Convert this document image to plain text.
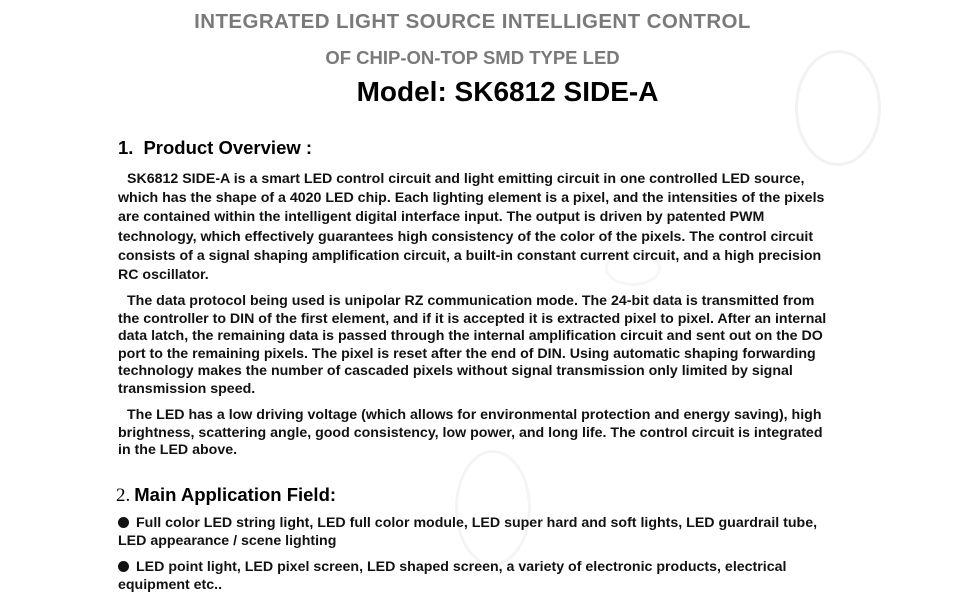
INTEGRATED LIGHT SOURCE INTELLIGENT CONTROL
OF CHIP-ON-TOP SMD TYPE LED
Model: SK6812 SIDE-A
1. Product Overview :

SK6812 SIDE-A is a smart LED control circuit and light emitting circuit in one controlled LED source, which has the shape of a 4020 LED chip. Each lighting element is a pixel, and the intensities of the pixels are contained within the intelligent digital interface input. The output is driven by patented PWM technology, which effectively guarantees high consistency of the color of the pixels. The control circuit consists of a signal shaping amplification circuit, a built-in constant current circuit, and a high precision RC oscillator.

The data protocol being used is unipolar RZ communication mode. The 24-bit data is transmitted from the controller to DIN of the first element, and if it is accepted it is extracted pixel to pixel. After an internal data latch, the remaining data is passed through the internal amplification circuit and sent out on the DO port to the remaining pixels. The pixel is reset after the end of DIN. Using automatic shaping forwarding technology makes the number of cascaded pixels without signal transmission only limited by signal transmission speed.

The LED has a low driving voltage (which allows for environmental protection and energy saving), high brightness, scattering angle, good consistency, low power, and long life. The control circuit is integrated in the LED above.

2. Main Application Field:
Full color LED string light, LED full color module, LED super hard and soft lights, LED guardrail tube, LED appearance / scene lighting
LED point light, LED pixel screen, LED shaped screen, a variety of electronic products, electrical equipment etc..
